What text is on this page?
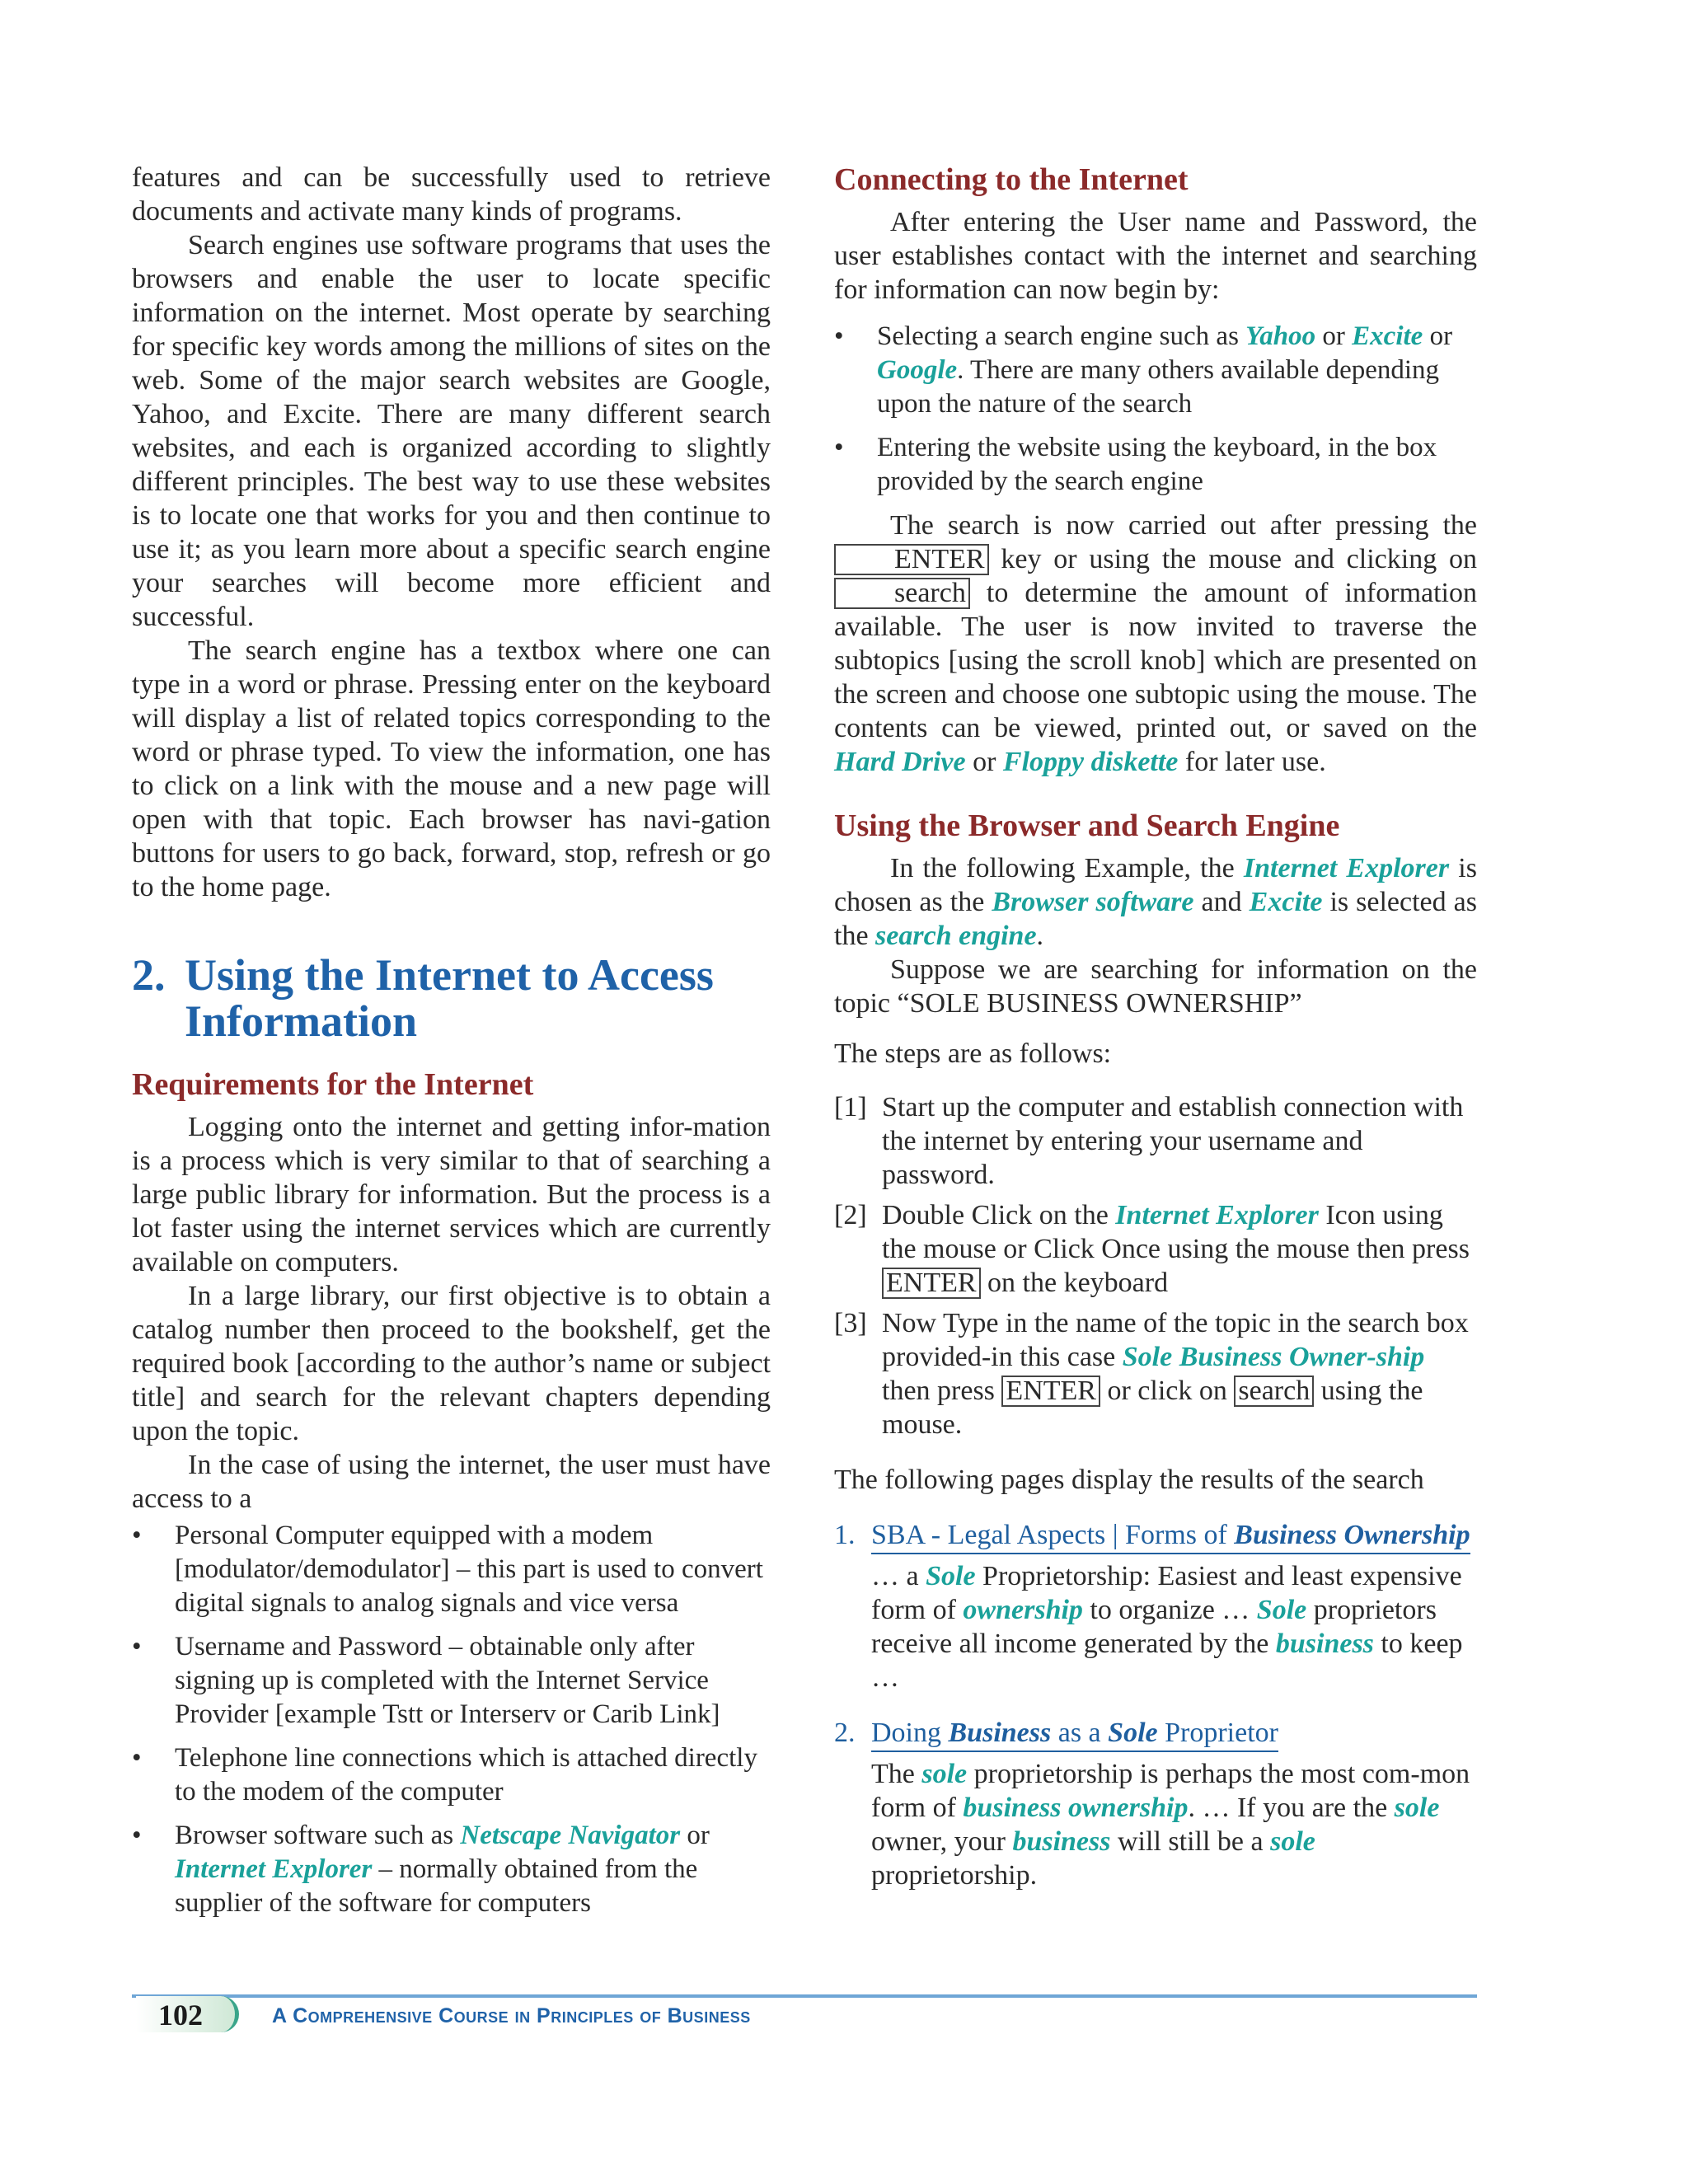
features and can be successfully used to retrieve documents and activate many kinds of programs.

Search engines use software programs that uses the browsers and enable the user to locate specific information on the internet. Most operate by searching for specific key words among the millions of sites on the web. Some of the major search websites are Google, Yahoo, and Excite. There are many different search websites, and each is organized according to slightly different principles. The best way to use these websites is to locate one that works for you and then continue to use it; as you learn more about a specific search engine your searches will become more efficient and successful.

The search engine has a textbox where one can type in a word or phrase. Pressing enter on the keyboard will display a list of related topics corresponding to the word or phrase typed. To view the information, one has to click on a link with the mouse and a new page will open with that topic. Each browser has navi-gation buttons for users to go back, forward, stop, refresh or go to the home page.

2. Using the Internet to Access Information
Requirements for the Internet

Logging onto the internet and getting infor-mation is a process which is very similar to that of searching a large public library for information. But the process is a lot faster using the internet services which are currently available on computers.

In a large library, our first objective is to obtain a catalog number then proceed to the bookshelf, get the required book [according to the author’s name or subject title] and search for the relevant chapters depending upon the topic.

In the case of using the internet, the user must have access to a

• Personal Computer equipped with a modem [modulator/demodulator] – this part is used to convert digital signals to analog signals and vice versa
• Username and Password – obtainable only after signing up is completed with the Internet Service Provider [example Tstt or Interserv or Carib Link]
• Telephone line connections which is attached directly to the modem of the computer
• Browser software such as Netscape Navigator or Internet Explorer – normally obtained from the supplier of the software for computers
Connecting to the Internet

After entering the User name and Password, the user establishes contact with the internet and searching for information can now begin by:

• Selecting a search engine such as Yahoo or Excite or Google. There are many others available depending upon the nature of the search
• Entering the website using the keyboard, in the box provided by the search engine

The search is now carried out after pressing the ENTER key or using the mouse and clicking on search to determine the amount of information available. The user is now invited to traverse the subtopics [using the scroll knob] which are presented on the screen and choose one subtopic using the mouse. The contents can be viewed, printed out, or saved on the Hard Drive or Floppy diskette for later use.

Using the Browser and Search Engine

In the following Example, the Internet Explorer is chosen as the Browser software and Excite is selected as the search engine.

Suppose we are searching for information on the topic “SOLE BUSINESS OWNERSHIP”

The steps are as follows:

[1] Start up the computer and establish connection with the internet by entering your username and password.
[2] Double Click on the Internet Explorer Icon using the mouse or Click Once using the mouse then press ENTER on the keyboard
[3] Now Type in the name of the topic in the search box provided-in this case Sole Business Owner-ship then press ENTER or click on search using the mouse.

The following pages display the results of the search

1. SBA - Legal Aspects | Forms of Business Ownership

… a Sole Proprietorship: Easiest and least expensive form of ownership to organize … Sole proprietors receive all income generated by the business to keep …

2. Doing Business as a Sole Proprietor

The sole proprietorship is perhaps the most com-mon form of business ownership. … If you are the sole owner, your business will still be a sole proprietorship.

102	A Comprehensive Course in Principles of Business
